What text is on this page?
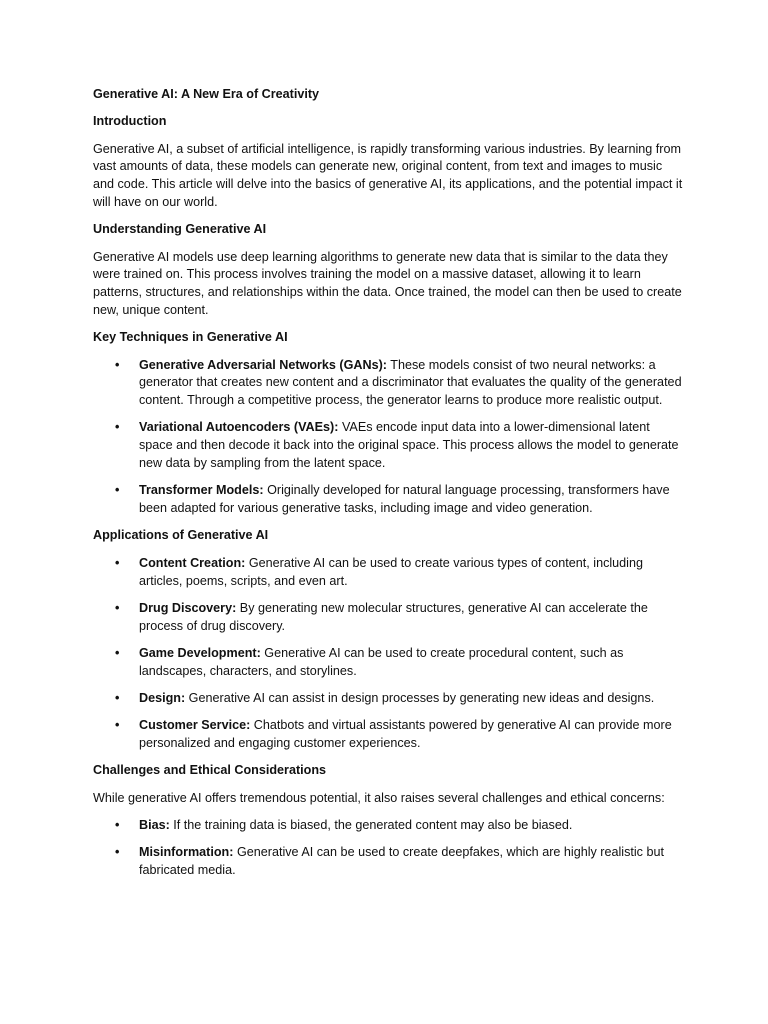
Generative AI: A New Era of Creativity
Introduction
Generative AI, a subset of artificial intelligence, is rapidly transforming various industries. By learning from vast amounts of data, these models can generate new, original content, from text and images to music and code. This article will delve into the basics of generative AI, its applications, and the potential impact it will have on our world.
Understanding Generative AI
Generative AI models use deep learning algorithms to generate new data that is similar to the data they were trained on. This process involves training the model on a massive dataset, allowing it to learn patterns, structures, and relationships within the data. Once trained, the model can then be used to create new, unique content.
Key Techniques in Generative AI
• Generative Adversarial Networks (GANs): These models consist of two neural networks: a generator that creates new content and a discriminator that evaluates the quality of the generated content. Through a competitive process, the generator learns to produce more realistic output.
• Variational Autoencoders (VAEs): VAEs encode input data into a lower-dimensional latent space and then decode it back into the original space. This process allows the model to generate new data by sampling from the latent space.
• Transformer Models: Originally developed for natural language processing, transformers have been adapted for various generative tasks, including image and video generation.
Applications of Generative AI
• Content Creation: Generative AI can be used to create various types of content, including articles, poems, scripts, and even art.
• Drug Discovery: By generating new molecular structures, generative AI can accelerate the process of drug discovery.
• Game Development: Generative AI can be used to create procedural content, such as landscapes, characters, and storylines.
• Design: Generative AI can assist in design processes by generating new ideas and designs.
• Customer Service: Chatbots and virtual assistants powered by generative AI can provide more personalized and engaging customer experiences.
Challenges and Ethical Considerations
While generative AI offers tremendous potential, it also raises several challenges and ethical concerns:
• Bias: If the training data is biased, the generated content may also be biased.
• Misinformation: Generative AI can be used to create deepfakes, which are highly realistic but fabricated media.
